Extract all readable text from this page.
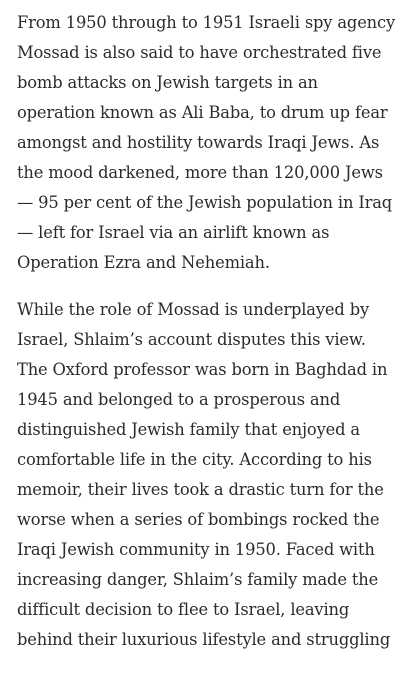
From 1950 through to 1951 Israeli spy agency
Mossad is also said to have orchestrated five
bomb attacks on Jewish targets in an
operation known as Ali Baba, to drum up fear
amongst and hostility towards Iraqi Jews. As
the mood darkened, more than 120,000 Jews
— 95 per cent of the Jewish population in Iraq
— left for Israel via an airlift known as
Operation Ezra and Nehemiah.

While the role of Mossad is underplayed by
Israel, Shlaim’s account disputes this view.
The Oxford professor was born in Baghdad in
1945 and belonged to a prosperous and
distinguished Jewish family that enjoyed a
comfortable life in the city. According to his
memoir, their lives took a drastic turn for the
worse when a series of bombings rocked the
Iraqi Jewish community in 1950. Faced with
increasing danger, Shlaim’s family made the
difficult decision to flee to Israel, leaving
behind their luxurious lifestyle and struggling
